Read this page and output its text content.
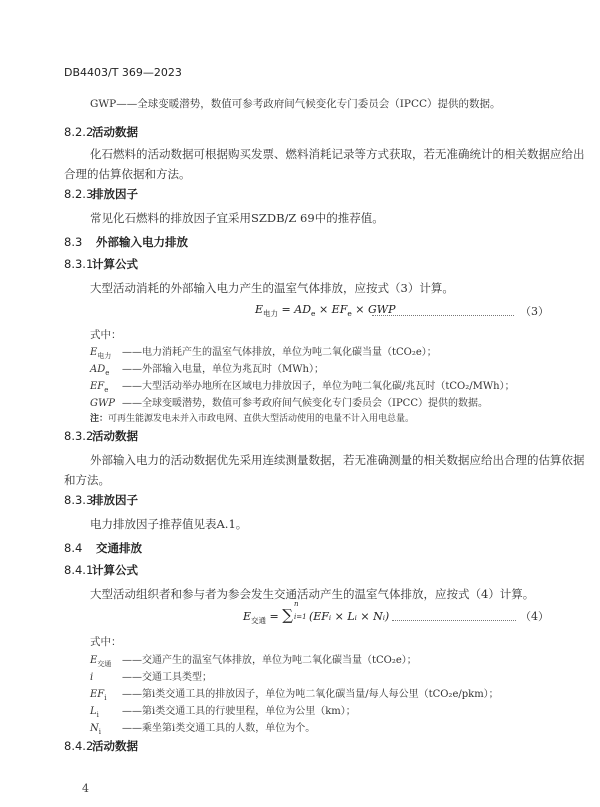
DB4403/T 369—2023
GWP——全球变暖潜势，数值可参考政府间气候变化专门委员会（IPCC）提供的数据。
8.2.2活动数据
化石燃料的活动数据可根据购买发票、燃料消耗记录等方式获取，若无准确统计的相关数据应给出
合理的估算依据和方法。
8.2.3排放因子
常见化石燃料的排放因子宜采用SZDB/Z 69中的推荐值。
8.3 外部输入电力排放
8.3.1计算公式
大型活动消耗的外部输入电力产生的温室气体排放，应按式（3）计算。
$E_{电力} = AD_e \times EF_e$ × GWP	（3）
式中：
$E_{电力}$ ——电力消耗产生的温室气体排放，单位为吨二氧化碳当量（tCO₂e）；
$AD_e$ ——外部输入电量，单位为兆瓦时（MWh）；
$EF_e$ ——大型活动举办地所在区域电力排放因子，单位为吨二氧化碳/兆瓦时（tCO₂/MWh）；
GWP ——全球变暖潜势，数值可参考政府间气候变化专门委员会（IPCC）提供的数据。
注：可再生能源发电未并入市政电网、直供大型活动使用的电量不计入用电总量。
8.3.2活动数据
外部输入电力的活动数据优先采用连续测量数据，若无准确测量的相关数据应给出合理的估算依据
和方法。
8.3.3排放因子
电力排放因子推荐值见表A.1。
8.4 交通排放
8.4.1计算公式
大型活动组织者和参与者为参会发生交通活动产生的温室气体排放，应按式（4）计算。
$E_{交通}$ = ∑
n
i=1 (EFᵢ × Lᵢ × Nᵢ)	（4）
式中：
$E_{交通}$ ——交通产生的温室气体排放，单位为吨二氧化碳当量（tCO₂e）；
i	——交通工具类型；
$EF_i$ ——第i类交通工具的排放因子，单位为吨二氧化碳当量/每人每公里（tCO₂e/pkm）；
$L_i$ ——第i类交通工具的行驶里程，单位为公里（km）；
$N_i$ ——乘坐第i类交通工具的人数，单位为个。
8.4.2活动数据
4
